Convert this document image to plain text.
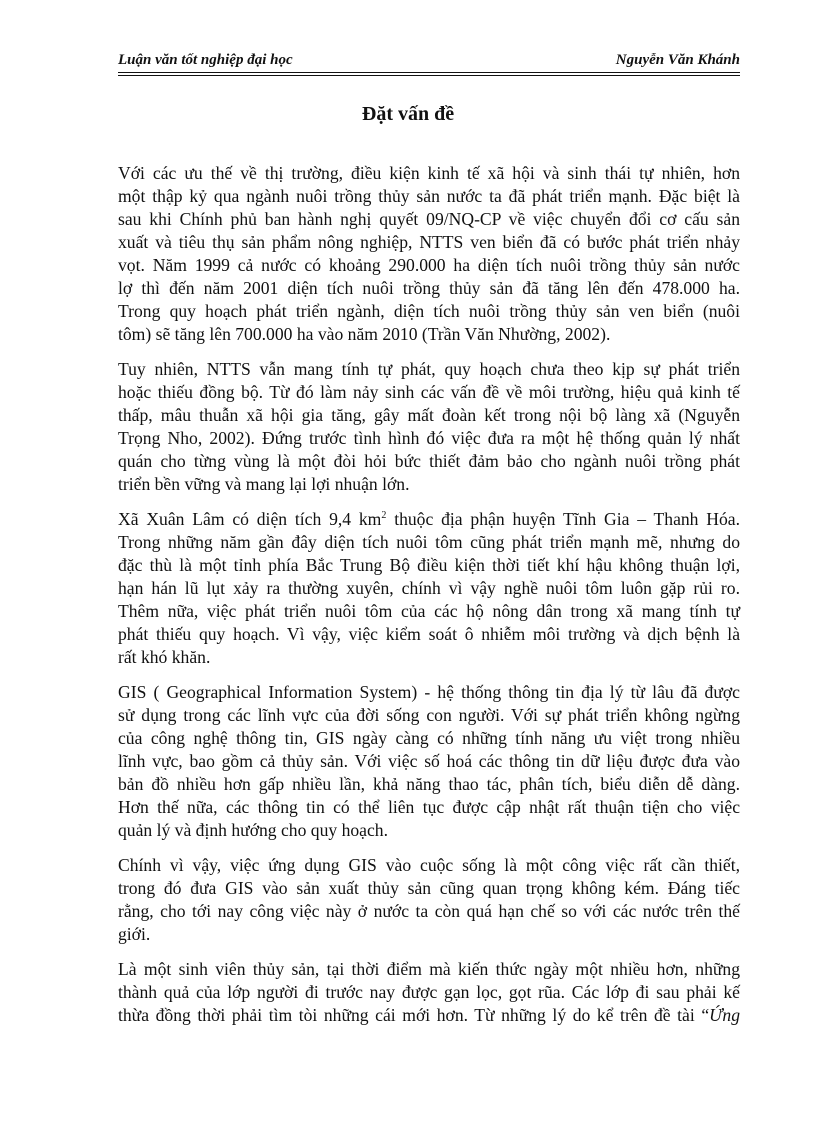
Luận văn tốt nghiệp đại học	Nguyễn Văn Khánh
Đặt vấn đề

Với các ưu thế về thị trường, điều kiện kinh tế xã hội và sinh thái tự nhiên, hơn
một thập kỷ qua ngành nuôi trồng thủy sản nước ta đã phát triển mạnh. Đặc biệt là
sau khi Chính phủ ban hành nghị quyết 09/NQ-CP về việc chuyển đổi cơ cấu sản
xuất và tiêu thụ sản phẩm nông nghiệp, NTTS ven biển đã có bước phát triển nhảy
vọt. Năm 1999 cả nước có khoảng 290.000 ha diện tích nuôi trồng thủy sản nước
lợ thì đến năm 2001 diện tích nuôi trồng thủy sản đã tăng lên đến 478.000 ha.
Trong quy hoạch phát triển ngành, diện tích nuôi trồng thủy sản ven biển (nuôi
tôm) sẽ tăng lên 700.000 ha vào năm 2010 (Trần Văn Nhường, 2002).

Tuy nhiên, NTTS vẫn mang tính tự phát, quy hoạch chưa theo kịp sự phát triển
hoặc thiếu đồng bộ. Từ đó làm nảy sinh các vấn đề về môi trường, hiệu quả kinh tế
thấp, mâu thuẫn xã hội gia tăng, gây mất đoàn kết trong nội bộ làng xã (Nguyễn
Trọng Nho, 2002). Đứng trước tình hình đó việc đưa ra một hệ thống quản lý nhất
quán cho từng vùng là một đòi hỏi bức thiết đảm bảo cho ngành nuôi trồng phát
triển bền vững và mang lại lợi nhuận lớn.

Xã Xuân Lâm có diện tích 9,4 $km^2$ thuộc địa phận huyện Tĩnh Gia – Thanh Hóa.
Trong những năm gần đây diện tích nuôi tôm cũng phát triển mạnh mẽ, nhưng do
đặc thù là một tỉnh phía Bắc Trung Bộ điều kiện thời tiết khí hậu không thuận lợi,
hạn hán lũ lụt xảy ra thường xuyên, chính vì vậy nghề nuôi tôm luôn gặp rủi ro.
Thêm nữa, việc phát triển nuôi tôm của các hộ nông dân trong xã mang tính tự
phát thiếu quy hoạch. Vì vậy, việc kiểm soát ô nhiễm môi trường và dịch bệnh là
rất khó khăn.

GIS ( Geographical Information System) - hệ thống thông tin địa lý từ lâu đã được
sử dụng trong các lĩnh vực của đời sống con người. Với sự phát triển không ngừng
của công nghệ thông tin, GIS ngày càng có những tính năng ưu việt trong nhiều
lĩnh vực, bao gồm cả thủy sản. Với việc số hoá các thông tin dữ liệu được đưa vào
bản đồ nhiều hơn gấp nhiều lần, khả năng thao tác, phân tích, biểu diễn dễ dàng.
Hơn thế nữa, các thông tin có thể liên tục được cập nhật rất thuận tiện cho việc
quản lý và định hướng cho quy hoạch.

Chính vì vậy, việc ứng dụng GIS vào cuộc sống là một công việc rất cần thiết,
trong đó đưa GIS vào sản xuất thủy sản cũng quan trọng không kém. Đáng tiếc
rằng, cho tới nay công việc này ở nước ta còn quá hạn chế so với các nước trên thế
giới.

Là một sinh viên thủy sản, tại thời điểm mà kiến thức ngày một nhiều hơn, những
thành quả của lớp người đi trước nay được gạn lọc, gọt rũa. Các lớp đi sau phải kế
thừa đồng thời phải tìm tòi những cái mới hơn. Từ những lý do kể trên đề tài “Ứng
